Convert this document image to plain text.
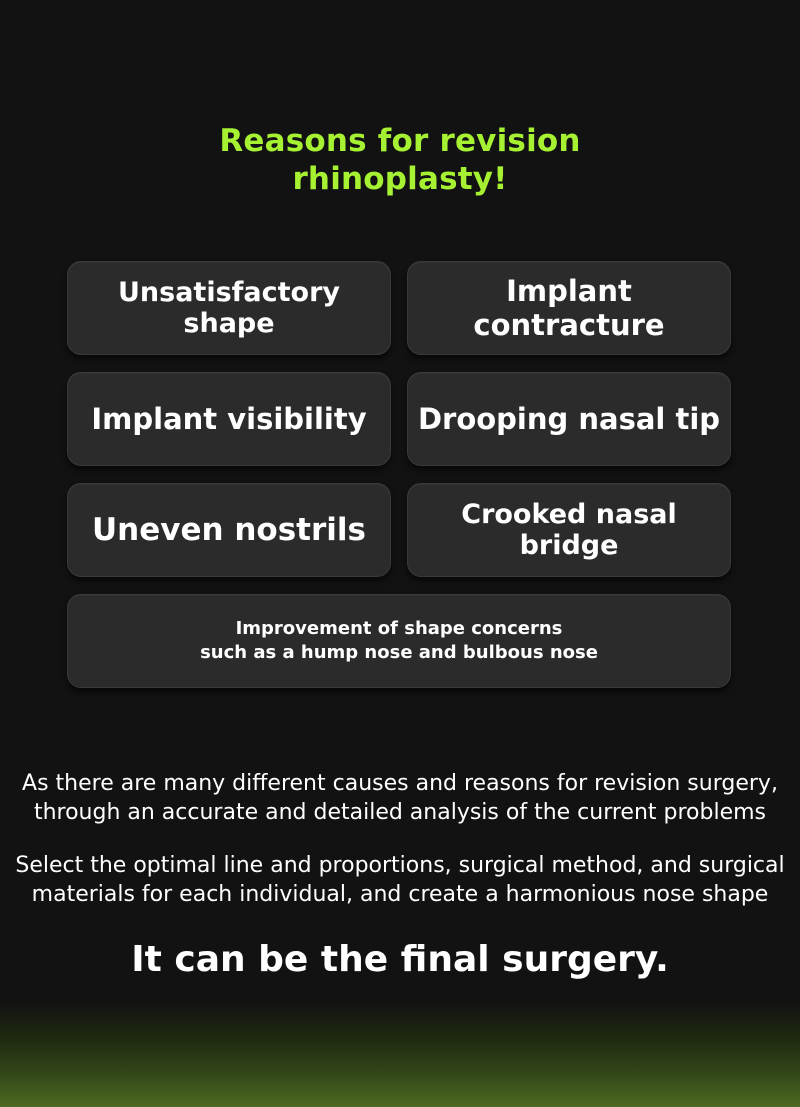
Reasons for revision
rhinoplasty!
Unsatisfactory shape
Implant contracture
Implant visibility	Drooping nasal tip
Uneven nostrils	Crooked nasal bridge
Improvement of shape concerns
such as a hump nose and bulbous nose
As there are many different causes and reasons for revision surgery,
through an accurate and detailed analysis of the current problems
Select the optimal line and proportions, surgical method, and surgical
materials for each individual, and create a harmonious nose shape
It can be the final surgery.
